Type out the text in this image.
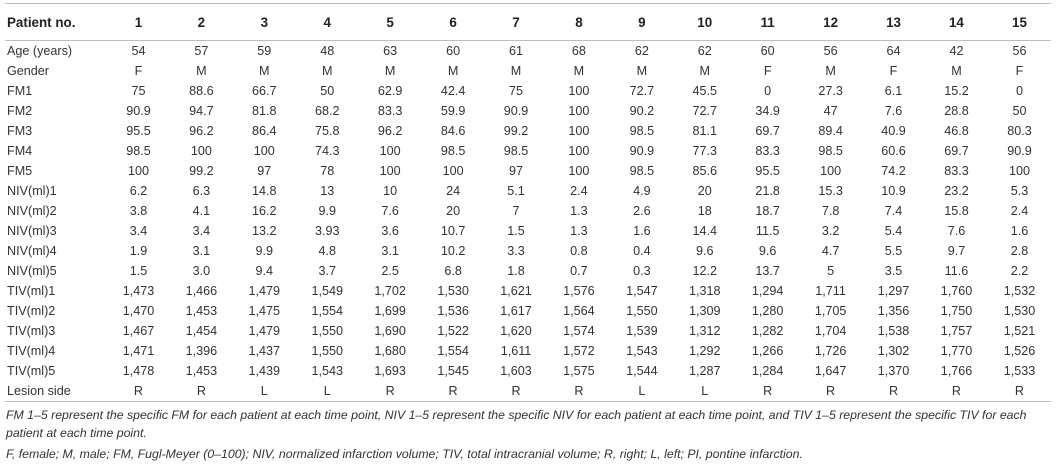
Patient no.	1	2	3	4	5	6	7	8	9	10	11	12	13	14	15
Age (years)	54	57	59	48	63	60	61	68	62	62	60	56	64	42	56
Gender	F	M	M	M	M	M	M	M	M	M	F	M	F	M	F
FM1	75	88.6	66.7	50	62.9	42.4	75	100	72.7	45.5	0	27.3	6.1	15.2	0
FM2	90.9	94.7	81.8	68.2	83.3	59.9	90.9	100	90.2	72.7	34.9	47	7.6	28.8	50
FM3	95.5	96.2	86.4	75.8	96.2	84.6	99.2	100	98.5	81.1	69.7	89.4	40.9	46.8	80.3
FM4	98.5	100	100	74.3	100	98.5	98.5	100	90.9	77.3	83.3	98.5	60.6	69.7	90.9
FM5	100	99.2	97	78	100	100	97	100	98.5	85.6	95.5	100	74.2	83.3	100
NIV(ml)1	6.2	6.3	14.8	13	10	24	5.1	2.4	4.9	20	21.8	15.3	10.9	23.2	5.3
NIV(ml)2	3.8	4.1	16.2	9.9	7.6	20	7	1.3	2.6	18	18.7	7.8	7.4	15.8	2.4
NIV(ml)3	3.4	3.4	13.2	3.93	3.6	10.7	1.5	1.3	1.6	14.4	11.5	3.2	5.4	7.6	1.6
NIV(ml)4	1.9	3.1	9.9	4.8	3.1	10.2	3.3	0.8	0.4	9.6	9.6	4.7	5.5	9.7	2.8
NIV(ml)5	1.5	3.0	9.4	3.7	2.5	6.8	1.8	0.7	0.3	12.2	13.7	5	3.5	11.6	2.2
TIV(ml)1	1,473	1,466	1,479	1,549	1,702	1,530	1,621	1,576	1,547	1,318	1,294	1,711	1,297	1,760	1,532
TIV(ml)2	1,470	1,453	1,475	1,554	1,699	1,536	1,617	1,564	1,550	1,309	1,280	1,705	1,356	1,750	1,530
TIV(ml)3	1,467	1,454	1,479	1,550	1,690	1,522	1,620	1,574	1,539	1,312	1,282	1,704	1,538	1,757	1,521
TIV(ml)4	1,471	1,396	1,437	1,550	1,680	1,554	1,611	1,572	1,543	1,292	1,266	1,726	1,302	1,770	1,526
TIV(ml)5	1,478	1,453	1,439	1,543	1,693	1,545	1,603	1,575	1,544	1,287	1,284	1,647	1,370	1,766	1,533
Lesion side	R	R	L	L	R	R	R	R	L	L	R	R	R	R	R

FM 1–5 represent the specific FM for each patient at each time point, NIV 1–5 represent the specific NIV for each patient at each time point, and TIV 1–5 represent the specific TIV for each patient at each time point.

F, female; M, male; FM, Fugl-Meyer (0–100); NIV, normalized infarction volume; TIV, total intracranial volume; R, right; L, left; PI, pontine infarction.
